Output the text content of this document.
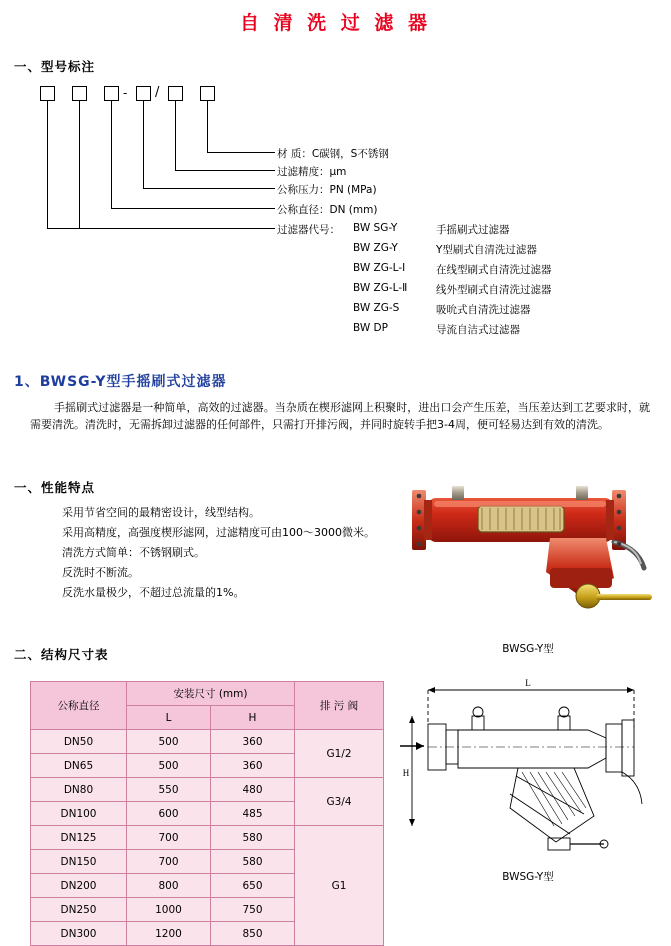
自 清 洗 过 滤 器
一、型号标注
- /
材 质：C碳钢，S不锈钢
过滤精度：μm
公称压力：PN (MPa)
公称直径：DN (mm)
过滤器代号： BW SG-Y	手摇刷式过滤器
BW ZG-Y	Y型刷式自清洗过滤器
BW ZG-L-Ⅰ	在线型刷式自清洗过滤器
BW ZG-L-Ⅱ	线外型刷式自清洗过滤器
BW ZG-S	吸吮式自清洗过滤器
BW DP	导流自洁式过滤器
1、BWSG-Y型手摇刷式过滤器
手摇刷式过滤器是一种简单，高效的过滤器。当杂质在楔形滤网上积聚时，进出口会产生压差，当压差达到工艺要求时，就需要清洗。清洗时，无需拆卸过滤器的任何部件，只需打开排污阀，并同时旋转手把3-4周，便可轻易达到有效的清洗。
一、性能特点
采用节省空间的最精密设计，线型结构。
采用高精度，高强度楔形滤网，过滤精度可由100～3000微米。
清洗方式简单：不锈钢刷式。
反洗时不断流。
反洗水量极少，不超过总流量的1%。
二、结构尺寸表
公称直径	安装尺寸 (mm)		排 污 阀
	L	H	
DN50	500	360	G1/2
DN65	500	360	
DN80	550	480	G3/4
DN100	600	485	
DN125	700	580	G1
DN150	700	580	
DN200	800	650	
DN250	1000	750	
DN300	1200	850	
BWSG-Y型
L
H
BWSG-Y型
